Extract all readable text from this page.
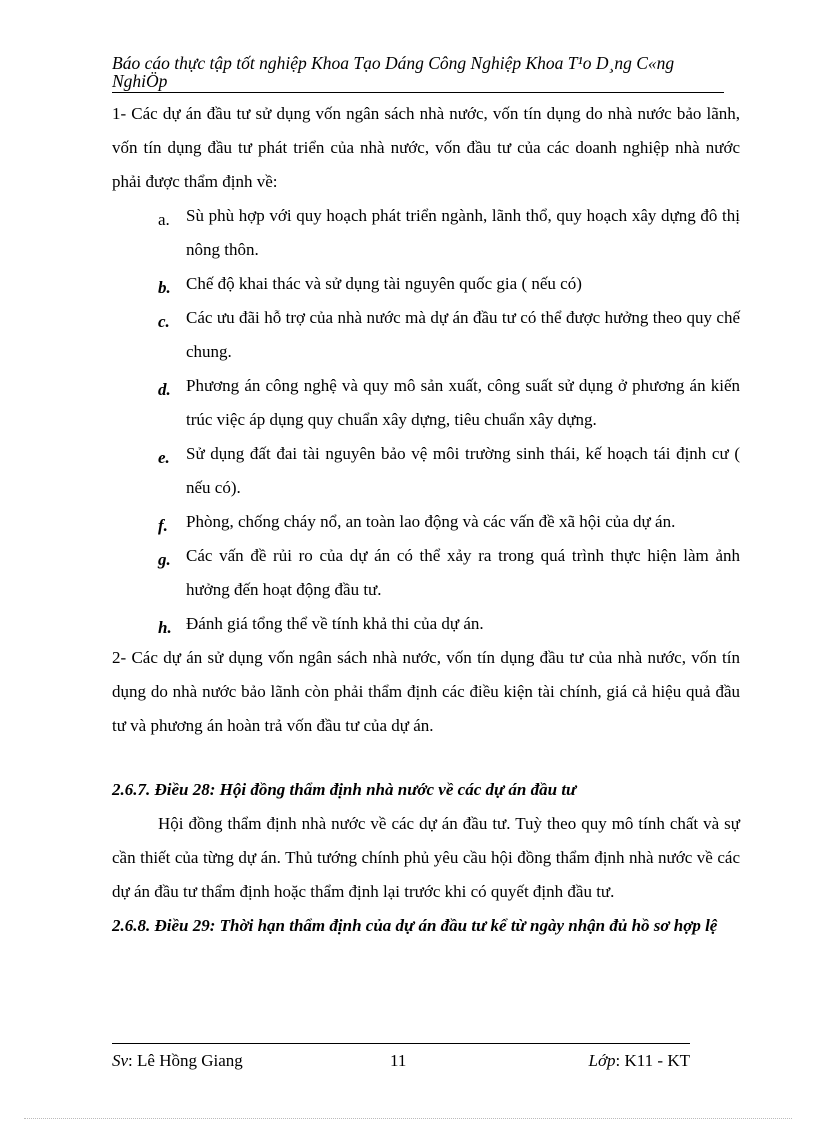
Báo cáo thực tập tốt nghiệp Khoa Tạo Dáng Công Nghiệp Khoa T¹o D¸ng C«ng
NghiÖp

1- Các dự án đầu tư sử dụng vốn ngân sách nhà nước, vốn tín dụng do nhà nước bảo lãnh, vốn tín dụng đầu tư phát triển của nhà nước, vốn đầu tư của các doanh nghiệp nhà nước phải được thẩm định về:

a. Sù phù hợp với quy hoạch phát triển ngành, lãnh thổ, quy hoạch xây dựng đô thị nông thôn.
b. Chế độ khai thác và sử dụng tài nguyên quốc gia ( nếu có)
c. Các ưu đãi hỗ trợ của nhà nước mà dự án đầu tư có thể được hưởng theo quy chế chung.
d. Phương án công nghệ và quy mô sản xuất, công suất sử dụng ở phương án kiến trúc việc áp dụng quy chuẩn xây dựng, tiêu chuẩn xây dựng.
e. Sử dụng đất đai tài nguyên bảo vệ môi trường sinh thái, kế hoạch tái định cư ( nếu có).
f. Phòng, chống cháy nổ, an toàn lao động và các vấn đề xã hội của dự án.
g. Các vấn đề rủi ro của dự án có thể xảy ra trong quá trình thực hiện làm ảnh hưởng đến hoạt động đầu tư.
h. Đánh giá tổng thể về tính khả thi của dự án.

2- Các dự án sử dụng vốn ngân sách nhà nước, vốn tín dụng đầu tư của nhà nước, vốn tín dụng do nhà nước bảo lãnh còn phải thẩm định các điều kiện tài chính, giá cả hiệu quả đầu tư và phương án hoàn trả vốn đầu tư của dự án.

2.6.7. Điều 28: Hội đồng thẩm định nhà nước về các dự án đầu tư

Hội đồng thẩm định nhà nước về các dự án đầu tư. Tuỳ theo quy mô tính chất và sự cần thiết của từng dự án. Thủ tướng chính phủ yêu cầu hội đồng thẩm định nhà nước về các dự án đầu tư thẩm định hoặc thẩm định lại trước khi có quyết định đầu tư.

2.6.8. Điều 29: Thời hạn thẩm định của dự án đầu tư kể từ ngày nhận đủ hồ sơ hợp lệ

Sv: Lê Hồng Giang	11	Lớp: K11 - KT
